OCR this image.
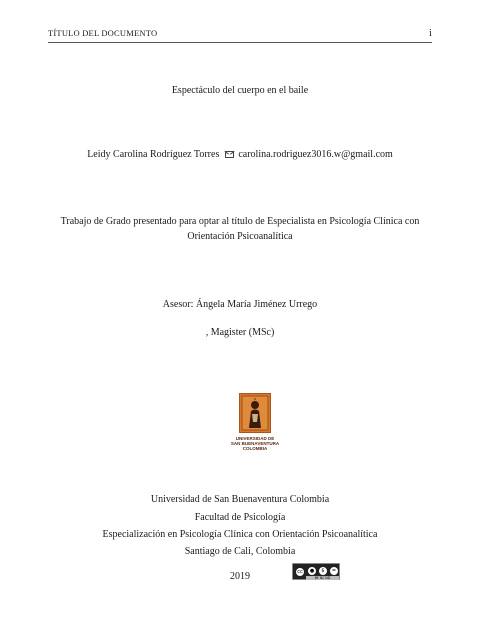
TÍTULO DEL DOCUMENTO	i
Espectáculo del cuerpo en el baile
Leidy Carolina Rodríguez Torres carolina.rodriguez3016.w@gmail.com
Trabajo de Grado presentado para optar al título de Especialista en Psicología Clínica con
Orientación Psicoanalítica
Asesor: Ángela María Jiménez Urrego
, Magister (MSc)
UNIVERSIDAD DE
SAN BUENAVENTURA
COLOMBIA
Universidad de San Buenaventura Colombia
Facultad de Psicología
Especialización en Psicología Clínica con Orientación Psicoanalítica
Santiago de Cali, Colombia
2019	cc	●	$	=
BY NC ND
